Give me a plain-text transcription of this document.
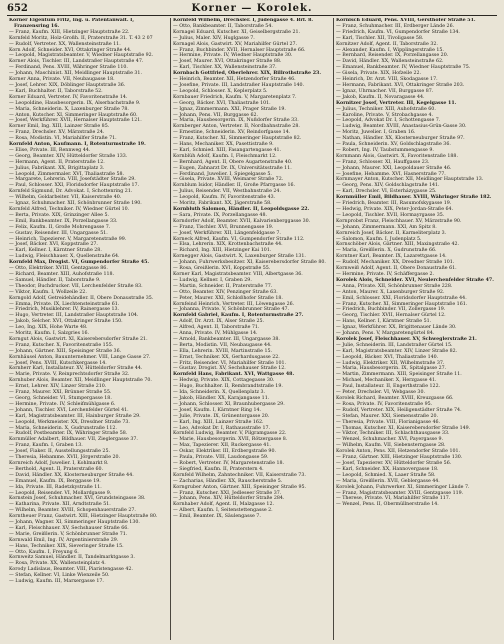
652	Korner — Korolek.
Korner Eigentum Fritz, Ing. u. Patentanwalt. I, Franzensring 16.
— Franz, Kaufm. XIII, Hietzinger Hauptstraße 22.
Kornfeld Moritz, Holz-Großh. II, Praterstraße 31. T. 43 2 07
— Rudolf, Vertreter. XX, Wallensteinstraße 11.
Korn Adolf, Schneider. XVI, Ottakringer Straße 44.
— Leopold, Magistratsbeamter. V, Wiedner Hauptstraße 92.
Korner Alois, Tischler. III, Landstraßer Hauptstraße 47.
— Ferdinand, Pens. XVIII, Währinger Straße 110.
— Johann, Maschinist. XII, Meidlinger Hauptstraße 31.
Korner Anna, Private. VII, Neubaugasse 18.
— Josef, Lehrer. XIX, Döblinger Hauptstraße 36.
— Karl, Buchhalter. II, Taborstraße 52.
Korner Eduard, Vertreter. IV, Favoritenstraße 14.
— Leopoldine, Hausbesorgerin. IX, Alserbachstraße 9.
— Maria, Schneiderin. X, Laxenburger Straße 78.
— Anton, Kutscher. XI, Simmeringer Hauptstraße 60.
— Josef, Werkführer. XVII, Hernalser Hauptstraße 121.
Korner Emil, Ing. XIII, Lainzer Straße 85.
— Franz, Drechsler. XV, Märzstraße 24.
— Rosa, Modistin. VI, Mariahilfer Straße 71.
Kornfeld Anton, Kaufmann. I, Rotenturmstraße 19.
— Elise, Private. III, Rennweg 44.
— Georg, Beamter. XIV, Hütteldorfer Straße 133.
— Hermann, Agent. II, Praterstraße 12.
— Julius, Fabrikant. XX, Brigittaplatz 3.
— Leopold, Zimmermaler. XVI, Thaliastraße 58.
— Margarete, Lehrerin. VIII, Josefstädter Straße 29.
— Paul, Schlosser. XXI, Floridsdorfer Hauptstraße 17.
Kornfeld Sigmund, Dr. Advokat. I, Schottenring 21.
— Wilhelm, Goldarbeiter. VII, Kaiserstraße 40.
— Ignaz, Schuhmacher. XII, Schönbrunner Straße 190.
Kornfeld Alfred, Techniker. IV, Wiedner Gürtel 10.
— Berta, Private. XIX, Grinzinger Allee 5.
— Emil, Bankbeamter. IX, Porzellangasse 33.
— Felix, Kaufm. II, Große Mohrengasse 7.
— Gustav, Reisender. III, Ungargasse 51.
— Heinrich, Tapezierer. V, Margaretenstraße 99.
— Josef, Bäcker. XVI, Koppstraße 27.
— Karl, Kellner. I, Kärntner Straße 28.
— Ludwig, Fleischhauer. X, Quellenstraße 64.
Kornfeld Max, Drogist. VI, Gumpendorfer Straße 45.
— Otto, Elektriker. XVIII, Gentzgasse 86.
— Richard, Beamter. XIII, Auhofstraße 118.
— Samuel, Händler. II, Taborstraße 9.
— Theodor, Buchdrucker. VII, Lerchenfelder Straße 83.
— Viktor, Kaufm. I, Wollzeile 22.
Korngold Adolf, Getreidehändler. II, Obere Donaustraße 35.
— Emma, Private. IX, Liechtensteinstraße 61.
— Friedrich, Musiklehrer. IV, Rainergasse 13.
— Hugo, Vertreter. III, Landstraßer Hauptstraße 104.
— Jakob, Selcher. XVI, Ottakringer Straße 150.
— Leo, Ing. XIX, Hohe Warte 48.
— Moritz, Kaufm. I, Salzgries 16.
Korngut Alois, Gastwirt. XI, Kaiserebersdorfer Straße 21.
— Franz, Kutscher. X, Favoritenstraße 155.
— Johann, Gärtner. XIII, Speisinger Straße 36.
Kornhäusel Anton, Bauunternehmer. VIII, Lange Gasse 27.
— Josef, Pens. XVIII, Kutschkergasse 14.
Kornherr Karl, Installateur. XV, Hütteldorfer Straße 44.
— Marie, Private. V, Reinprechtsdorfer Straße 32.
Kornhuber Alois, Beamter. XII, Meidlinger Hauptstraße 70.
— Ernst, Lehrer. XIV, Linzer Straße 210.
— Franz, Maurer. XXI, Brünner Straße 55.
— Georg, Schneider. VI, Stumpergasse 18.
— Hermine, Private. IV, Schleifmühlgasse 6.
— Johann, Tischler. XVI, Lerchenfelder Gürtel 41.
— Karl, Magistratsbeamter. III, Hainburger Straße 29.
— Leopold, Werkmeister. XX, Dresdner Straße 73.
— Maria, Schneiderin. X, Gudrunstraße 112.
— Rudolf, Postbeamter. IX, Währinger Straße 58.
Kornmüller Adalbert, Bildhauer. VII, Zieglergasse 37.
— Franz, Kaufm. I, Graben 13.
— Josef, Fiaker. II, Ausstellungsstraße 25.
— Theresia, Hebamme. XVII, Jörgerstraße 20.
Kornreich Adolf, Juwelier. I, Kohlmarkt 8.
— Berthold, Agent. II, Praterstraße 60.
— David, Händler. XX, Klosterneuburger Straße 44.
— Emanuel, Kaufm. IX, Berggasse 19.
— Ida, Private. III, Radetzkystraße 11.
— Leopold, Reisender. VI, Mollardgasse 9.
Kornstein Josef, Schuhmacher. XVI, Grundsteingasse 38.
— Katharina, Private. XII, Arndtstraße 51.
— Wilhelm, Beamter. XVIII, Schopenhauerstraße 27.
Korntheuer Franz, Gastwirt. XIII, Hietzinger Hauptstraße 80.
— Johann, Wagner. XI, Simmeringer Hauptstraße 130.
— Karl, Fleischhauer. XV, Sechshauser Straße 66.
— Marie, Greißlerin. V, Schönbrunner Straße 71.
Kornwald Emil, Ing. IV, Argentinierstraße 29.
— Hans, Techniker. XIX, Sieveringer Straße 15.
— Otto, Kaufm. I, Freyung 6.
Kornweitz Samuel, Händler. II, Tandelmarktgasse 3.
— Rosa, Private. XX, Wallensteinplatz 4.
Korody Ladislaus, Beamter. VIII, Piaristengasse 42.
— Stefan, Kellner. VI, Linke Wienzeile 50.
— Ludwig, Kaufm. III, Marxergasse 17.
Kornfeld Wilhelm, Drechsler. I, Judengasse 4. Brf. 8.
— Otto, Bankbeamter. II, Taborstraße 54.
Kornagel Eduard, Kutscher. XI, Geiselbergstraße 21.
— Julius, Maler. XIV, Huglgasse 7.
Kornagel Alois, Gastwirt. XV, Mariahilfer Gürtel 27.
— Franz, Buchbinder. XVII, Hernalser Hauptstraße 66.
— Hermine, Private. IV, Wiedner Hauptstraße 30.
— Josef, Maurer. XVI, Ottakringer Straße 88.
— Karl, Tischler. XX, Wallensteinstraße 37.
Kornbach Gottfried, Oberlehrer. XIX, Billrothstraße 23.
— Heinrich, Beamter. XII, Hetzendorfer Straße 46.
— Josefine, Private. III, Landstraßer Hauptstraße 140.
— Leopold, Schlosser. X, Keplerplatz 5.
Kornbauer Friedrich, Kaufm. V, Margaretenplatz 7.
— Georg, Bäcker. XVI, Thaliastraße 101.
— Ignaz, Zimmermann. XXI, Prager Straße 19.
— Johann, Pens. VII, Burggasse 62.
— Maria, Hausbesorgerin. IX, Nußdorfer Straße 33.
Kornberger Anton, Vertreter. II, Nordbahnstraße 28.
— Ernestine, Schneiderin. XV, Reindorfgasse 14.
— Franz, Kutscher. XI, Simmeringer Hauptstraße 82.
— Hans, Mechaniker. XX, Pasettistraße 9.
— Karl, Schmied. XIII, Fasangartengasse 41.
Kornblüh Adolf, Kaufm. I, Fleischmarkt 12.
— Bernhard, Agent. II, Obere Augartenstraße 40.
— Eugen, Zahnarzt Dr. IX, Universitätsstraße 11.
— Ferdinand, Juwelier. I, Spiegelgasse 5.
— Gisela, Private. XVIII, Weimarer Straße 72.
Kornblum Isidor, Händler. II, Große Pfarrgasse 16.
— Julius, Reisender. VII, Westbahnstraße 24.
— Leopold, Kaufm. IV, Favoritenstraße 43.
— Moritz, Fabrikant. XX, Jägerstraße 58.
Kornbluth Salomon, Händler. II, Leopoldsgasse 22.
— Sara, Private. IX, Porzellangasse 48.
Korndorfer Adolf, Beamter. XVII, Kalvarienberggasse 30.
— Franz, Tischler. XVI, Brunnengasse 19.
— Josef, Werkführer. XII, Längenfeldgasse 7.
Korneck Alfred, Kaufm. VI, Gumpendorfer Straße 112.
— Elsa, Lehrerin. XIX, Krottenbachstraße 44.
— Richard, Ing. XIII, Hietzinger Kai 101.
Kornegger Alois, Gastwirt. X, Laxenburger Straße 131.
— Johann, Fuhrwerksbesitzer. XI, Kaiserebersdorfer Straße 80.
— Rosa, Greißlerin. XVI, Koppstraße 55.
Korner Karl, Magistratsbeamter. VIII, Albertgasse 36.
— Ludwig, Kellner. I, Graben 29.
— Martin, Schneider. II, Praterstraße 77.
— Otto, Beamter. XIV, Penzinger Straße 63.
— Peter, Maurer. XXI, Schloßhofer Straße 18.
Kornfeind Heinrich, Vertreter. III, Löwengasse 26.
— Johanna, Private. V, Schönbrunner Straße 47.
Kornfeld Gabriel, Kaufm. I, Rotenturmstraße 27.
— Adolf, Dr. Arzt. IX, Alser Straße 25.
— Alfred, Agent. II, Taborstraße 71.
— Anna, Private. IV, Mühlgasse 14.
— Arnold, Bankbeamter. III, Ungargasse 38.
— Berta, Modistin. VII, Neubaugasse 44.
— Ella, Lehrerin. XVIII, Martinstraße 15.
— Ernst, Techniker. XX, Gerhardusgasse 22.
— Fritz, Reisender. VI, Mariahilfer Straße 101.
— Gustav, Drogist. XV, Sechshauser Straße 12.
Kornfeld Hans, Fabrikant. XVI, Wattgasse 48.
— Hedwig, Private. XIX, Cottagegasse 30.
— Hugo, Buchhalter. II, Rembrandtstraße 19.
— Ida, Schneiderin. X, Quellenplatz 3.
— Jakob, Händler. XX, Karajangasse 11.
— Johann, Schlosser. XI, Braunhubergasse 29.
— Josef, Kaufm. I, Kärntner Ring 14.
— Julie, Private. IX, Grünentorgasse 20.
— Karl, Ing. XIII, Lainzer Straße 162.
— Leo, Advokat Dr. I, Rathausstraße 17.
Kornfeld Ludwig, Beamter. V, Pilgramgasse 22.
— Marie, Hausbesorgerin. XVII, Rötzergasse 8.
— Max, Tapezierer. XII, Ruckergasse 41.
— Oskar, Elektriker. III, Erdbergstraße 90.
— Paula, Private. VIII, Laudongasse 59.
— Robert, Vertreter. IV, Margaretenstraße 18.
— Siegfried, Kaufm. II, Praterstern 4.
Kornfeld Wilhelm, Zahntechniker. VII, Kaiserstraße 73.
— Zacharias, Händler. XX, Rauscherstraße 5.
Korngruber Anton, Gärtner. XIII, Speisinger Straße 95.
— Franz, Kutscher. XXI, Jedleseer Straße 37.
— Johann, Pens. XIV, Hütteldorfer Straße 284.
Kornhaber Adolf, Agent. II, Malzgasse 12.
— Albert, Kaufm. I, Seitenstettengasse 2.
— Emil, Beamter. IX, Säulengasse 7.
Kornisch Eduard, Pens. XVIII, Gersthofer Straße 51.
— Franz, Schuhmacher. III, Erdberger Lände 26.
— Friedrich, Kaufm. VI, Gumpendorfer Straße 134.
— Karl, Tischler. XII, Tivoligasse 58.
Kornitzer Adolf, Agent. II, Taborstraße 32.
— Alexander, Kaufm. I, Wipplingerstraße 15.
— Bernhard, Reisender. IX, Porzellangasse 20.
— David, Händler. XX, Wallensteinstraße 62.
— Emanuel, Bankbeamter. IV, Wiedner Hauptstraße 75.
— Gisela, Private. XIX, Hofzeile 22.
— Heinrich, Dr. Arzt. VIII, Skodagasse 17.
— Hermann, Fabrikant. XVI, Ottakringer Straße 203.
— Ignaz, Uhrmacher. VII, Burggasse 87.
— Jakob, Kaufm. II, Novaragasse 44.
Kornitzer Josef, Vertreter. III, Kegelgasse 11.
— Julius, Techniker. XIII, Auhofstraße 60.
— Karoline, Private. V, Strobachgasse 4.
— Leopold, Advokat Dr. I, Schottengasse 7.
— Ludwig, Beamter. XVIII, Anastasius-Grün-Gasse 30.
— Moritz, Juwelier. I, Graben 16.
— Nathan, Händler. XX, Klosterneuburger Straße 97.
— Paula, Schneiderin. XV, Goldschlagstraße 36.
— Robert, Ing. IV, Taubstummengasse 9.
Kornmann Alois, Gastwirt. X, Favoritenstraße 188.
— Franz, Schlosser. XI, Hauffgasse 23.
— Johann, Maurer. XXI, Leopoldauer Straße 46.
— Josefine, Hebamme. XVI, Hasnerstraße 77.
Kornmayer Anton, Kutscher. XII, Meidlinger Hauptstraße 13.
— Georg, Pens. XIV, Goldschlagstraße 141.
— Karl, Drechsler. VI, Esterházygasse 25.
Kornmüller Emil, Bildhauer. XVIII, Währinger Straße 182.
— Friedrich, Beamter. III, Rasumofskygasse 19.
— Hedwig, Private. XIX, Peter-Jordan-Straße 64.
— Leopold, Tischler. XVII, Hormayrgasse 35.
Kornprobst Franz, Fleischhauer. XV, Märzstraße 90.
— Johann, Zimmermann. XXI, Am Spitz 8.
Kornreich Josef, Bäcker. II, Karmeliterplatz 3.
— Salomon, Kaufm. I, Judenplatz 5.
Kornschöber Alois, Gärtner. XIII, Maxingstraße 42.
— Maria, Greißlerin. X, Gudrunstraße 66.
Korntner Karl, Beamter. IX, Lazarettgasse 14.
— Rudolf, Mechaniker. XX, Dresdner Straße 101.
Kornweiß Adolf, Agent. II, Obere Donaustraße 61.
— Hermine, Private. IV, Schäffergasse 2.
Korolek Alois, Schneider. XVI, Neulerchenfelder Straße 47.
— Anna, Private. XII, Schönbrunner Straße 228.
— Anton, Maurer. X, Laxenburger Straße 92.
— Emil, Schlosser. XXI, Floridsdorfer Hauptstraße 44.
— Franz, Kutscher. XI, Simmeringer Hauptstraße 161.
— Friedrich, Buchbinder. VII, Zollergasse 19.
— Georg, Tischler. XVII, Hernalser Gürtel 12.
— Hans, Kellner. I, Kärntner Straße 51.
— Ignaz, Werkführer. XX, Brigittenauer Lände 30.
— Johann, Pens. V, Margaretengürtel 84.
Korolek Josef, Fleischhauer. XV, Schweglerstraße 21.
— Julie, Schneiderin. III, Landstraßer Gürtel 15.
— Karl, Magistratsbeamter. XIV, Linzer Straße 82.
— Leopold, Bäcker. XVI, Thaliastraße 140.
— Ludwig, Elektriker. XII, Wilhelmstraße 37.
— Maria, Hausbesorgerin. IX, Spitalgasse 27.
— Martin, Zimmermann. XIII, Speisinger Straße 11.
— Michael, Mechaniker. X, Herzgasse 41.
— Paul, Installateur. II, Engerthstraße 122.
— Peter, Drechsler. VI, Webgasse 30.
Korolek Richard, Beamter. XVIII, Kreuzgasse 66.
— Rosa, Private. IV, Favoritenstraße 95.
— Rudolf, Vertreter. XIX, Heiligenstädter Straße 74.
— Stefan, Maurer. XXI, Siemensstraße 20.
— Theresia, Private. VIII, Florianigasse 46.
— Thomas, Kutscher. XI, Kaiserebersdorfer Straße 149.
— Viktor, Techniker. III, Schlachthausgasse 33.
— Wenzel, Schuhmacher. XVI, Payergasse 9.
— Wilhelm, Kaufm. VII, Siebensterngasse 28.
Korolek Anton, Pens. XII, Hetzendorfer Straße 101.
— Franz, Gärtner. XIII, Hietzinger Hauptstraße 130.
— Josef, Tapezierer. XV, Hütteldorfer Straße 56.
— Karl, Schneider. XX, Hannovergasse 18.
— Leopold, Schmied. X, Laaer Straße 58.
— Maria, Greißlerin. XVII, Geblergasse 44.
Korolek Johann, Fuhrwerker. XI, Simmeringer Lände 7.
— Franz, Magistratsbeamter. XVIII, Gentzgasse 119.
— Therese, Private. VI, Mariahilfer Straße 117.
— Wenzel, Pens. II, Obermüllnerstraße 14.
